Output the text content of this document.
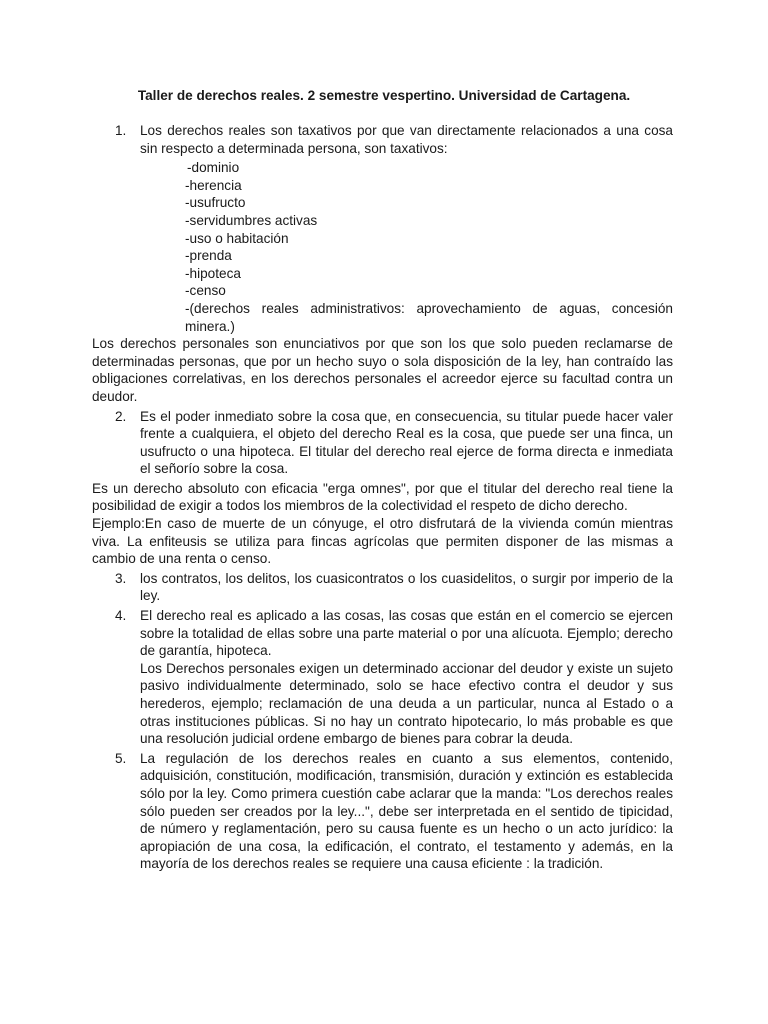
Taller de derechos reales. 2 semestre vespertino. Universidad de Cartagena.
1. Los derechos reales son taxativos por que van directamente relacionados a una cosa sin respecto a determinada persona, son taxativos:
-dominio
-herencia
-usufructo
-servidumbres activas
-uso o habitación
-prenda
-hipoteca
-censo
-(derechos reales administrativos: aprovechamiento de aguas, concesión minera.)

Los derechos personales son enunciativos por que son los que solo pueden reclamarse de determinadas personas, que por un hecho suyo o sola disposición de la ley, han contraído las obligaciones correlativas, en los derechos personales el acreedor ejerce su facultad contra un deudor.

2. Es el poder inmediato sobre la cosa que, en consecuencia, su titular puede hacer valer frente a cualquiera, el objeto del derecho Real es la cosa, que puede ser una finca, un usufructo o una hipoteca. El titular del derecho real ejerce de forma directa e inmediata el señorío sobre la cosa.

Es un derecho absoluto con eficacia "erga omnes", por que el titular del derecho real tiene la posibilidad de exigir a todos los miembros de la colectividad el respeto de dicho derecho.

Ejemplo:En caso de muerte de un cónyuge, el otro disfrutará de la vivienda común mientras viva. La enfiteusis se utiliza para fincas agrícolas que permiten disponer de las mismas a cambio de una renta o censo.

3. los contratos, los delitos, los cuasicontratos o los cuasidelitos, o surgir por imperio de la ley.
4. El derecho real es aplicado a las cosas, las cosas que están en el comercio se ejercen sobre la totalidad de ellas sobre una parte material o por una alícuota. Ejemplo; derecho de garantía, hipoteca.
Los Derechos personales exigen un determinado accionar del deudor y existe un sujeto pasivo individualmente determinado, solo se hace efectivo contra el deudor y sus herederos, ejemplo; reclamación de una deuda a un particular, nunca al Estado o a otras instituciones públicas. Si no hay un contrato hipotecario, lo más probable es que una resolución judicial ordene embargo de bienes para cobrar la deuda.
5. La regulación de los derechos reales en cuanto a sus elementos, contenido, adquisición, constitución, modificación, transmisión, duración y extinción es establecida sólo por la ley. Como primera cuestión cabe aclarar que la manda: "Los derechos reales sólo pueden ser creados por la ley...", debe ser interpretada en el sentido de tipicidad, de número y reglamentación, pero su causa fuente es un hecho o un acto jurídico: la apropiación de una cosa, la edificación, el contrato, el testamento y además, en la mayoría de los derechos reales se requiere una causa eficiente : la tradición.
